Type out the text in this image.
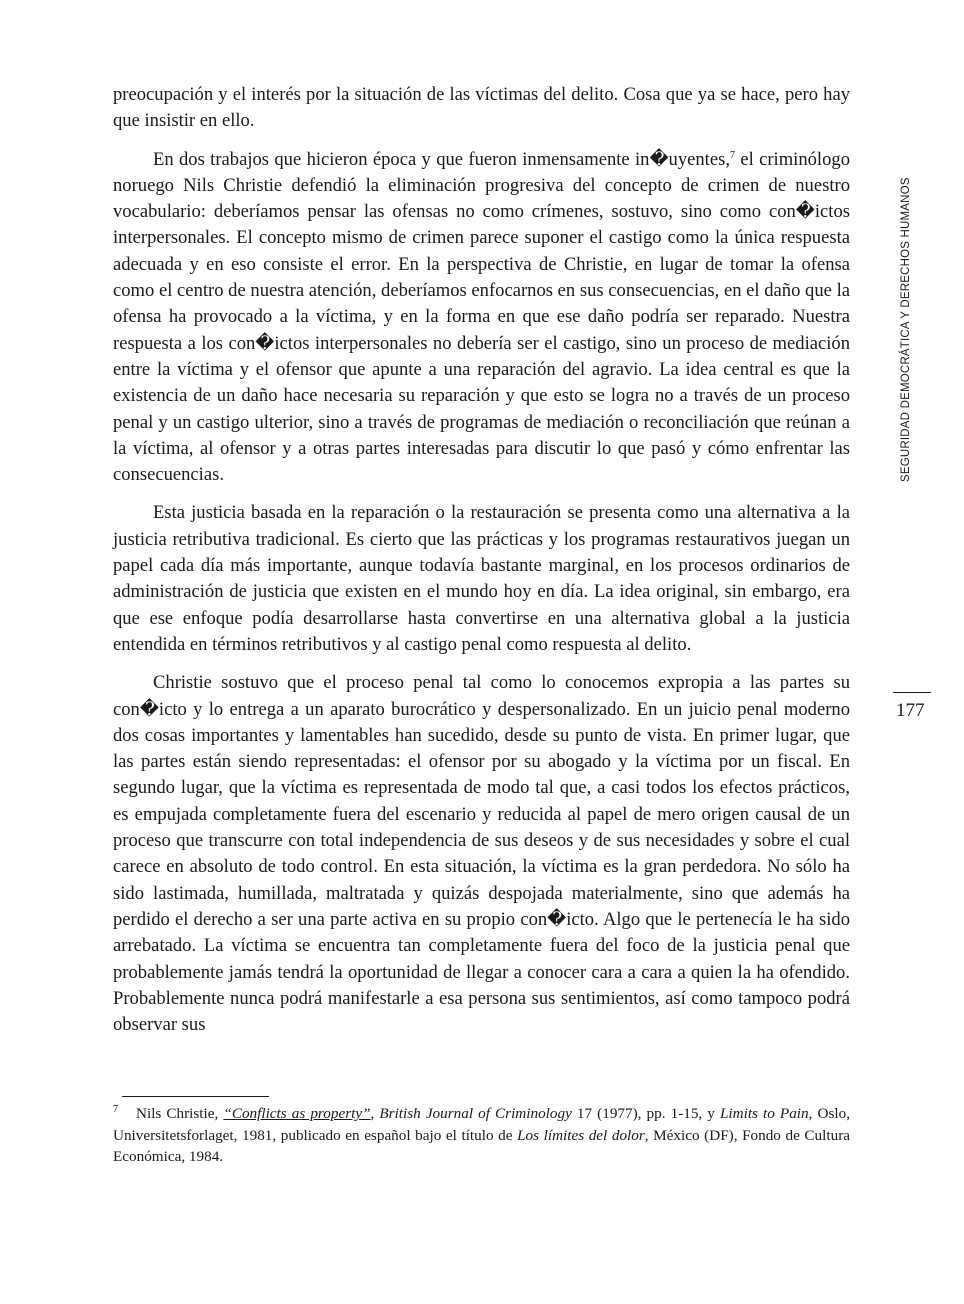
preocupación y el interés por la situación de las víctimas del delito. Cosa que ya se hace, pero hay que insistir en ello.

En dos trabajos que hicieron época y que fueron inmensamente in�uyentes,$^7$ el criminólogo noruego Nils Christie defendió la eliminación progresiva del concepto de crimen de nuestro vocabulario: deberíamos pensar las ofensas no como crímenes, sostuvo, sino como con�ictos interpersonales. El concepto mismo de crimen parece suponer el castigo como la única respuesta adecuada y en eso consiste el error. En la perspectiva de Christie, en lugar de tomar la ofensa como el centro de nuestra atención, deberíamos enfocarnos en sus consecuencias, en el daño que la ofensa ha provocado a la víctima, y en la forma en que ese daño podría ser reparado. Nuestra respuesta a los con�ictos interpersonales no debería ser el castigo, sino un proceso de mediación entre la víctima y el ofensor que apunte a una reparación del agravio. La idea central es que la existencia de un daño hace necesaria su reparación y que esto se logra no a través de un proceso penal y un castigo ulterior, sino a través de programas de mediación o reconciliación que reúnan a la víctima, al ofensor y a otras partes interesadas para discutir lo que pasó y cómo enfrentar las consecuencias.

Esta justicia basada en la reparación o la restauración se presenta como una alternativa a la justicia retributiva tradicional. Es cierto que las prácticas y los programas restaurativos juegan un papel cada día más importante, aunque todavía bastante marginal, en los procesos ordinarios de administración de justicia que existen en el mundo hoy en día. La idea original, sin embargo, era que ese enfoque podía desarrollarse hasta convertirse en una alternativa global a la justicia entendida en términos retributivos y al castigo penal como respuesta al delito.

Christie sostuvo que el proceso penal tal como lo conocemos expropia a las partes su con�icto y lo entrega a un aparato burocrático y despersonalizado. En un juicio penal moderno dos cosas importantes y lamentables han sucedido, desde su punto de vista. En primer lugar, que las partes están siendo representadas: el ofensor por su abogado y la víctima por un fiscal. En segundo lugar, que la víctima es representada de modo tal que, a casi todos los efectos prácticos, es empujada completamente fuera del escenario y reducida al papel de mero origen causal de un proceso que transcurre con total independencia de sus deseos y de sus necesidades y sobre el cual carece en absoluto de todo control. En esta situación, la víctima es la gran perdedora. No sólo ha sido lastimada, humillada, maltratada y quizás despojada materialmente, sino que además ha perdido el derecho a ser una parte activa en su propio con�icto. Algo que le pertenecía le ha sido arrebatado. La víctima se encuentra tan completamente fuera del foco de la justicia penal que probablemente jamás tendrá la oportunidad de llegar a conocer cara a cara a quien la ha ofendido. Probablemente nunca podrá manifestarle a esa persona sus sentimientos, así como tampoco podrá observar sus

SEGURIDAD DEMOCRÁTICA Y DERECHOS HUMANOS
177
$^7$ Nils Christie, “Conflicts as property”, British Journal of Criminology 17 (1977), pp. 1-15, y Limits to Pain, Oslo, Universitetsforlaget, 1981, publicado en español bajo el título de Los límites del dolor, México (DF), Fondo de Cultura Económica, 1984.
